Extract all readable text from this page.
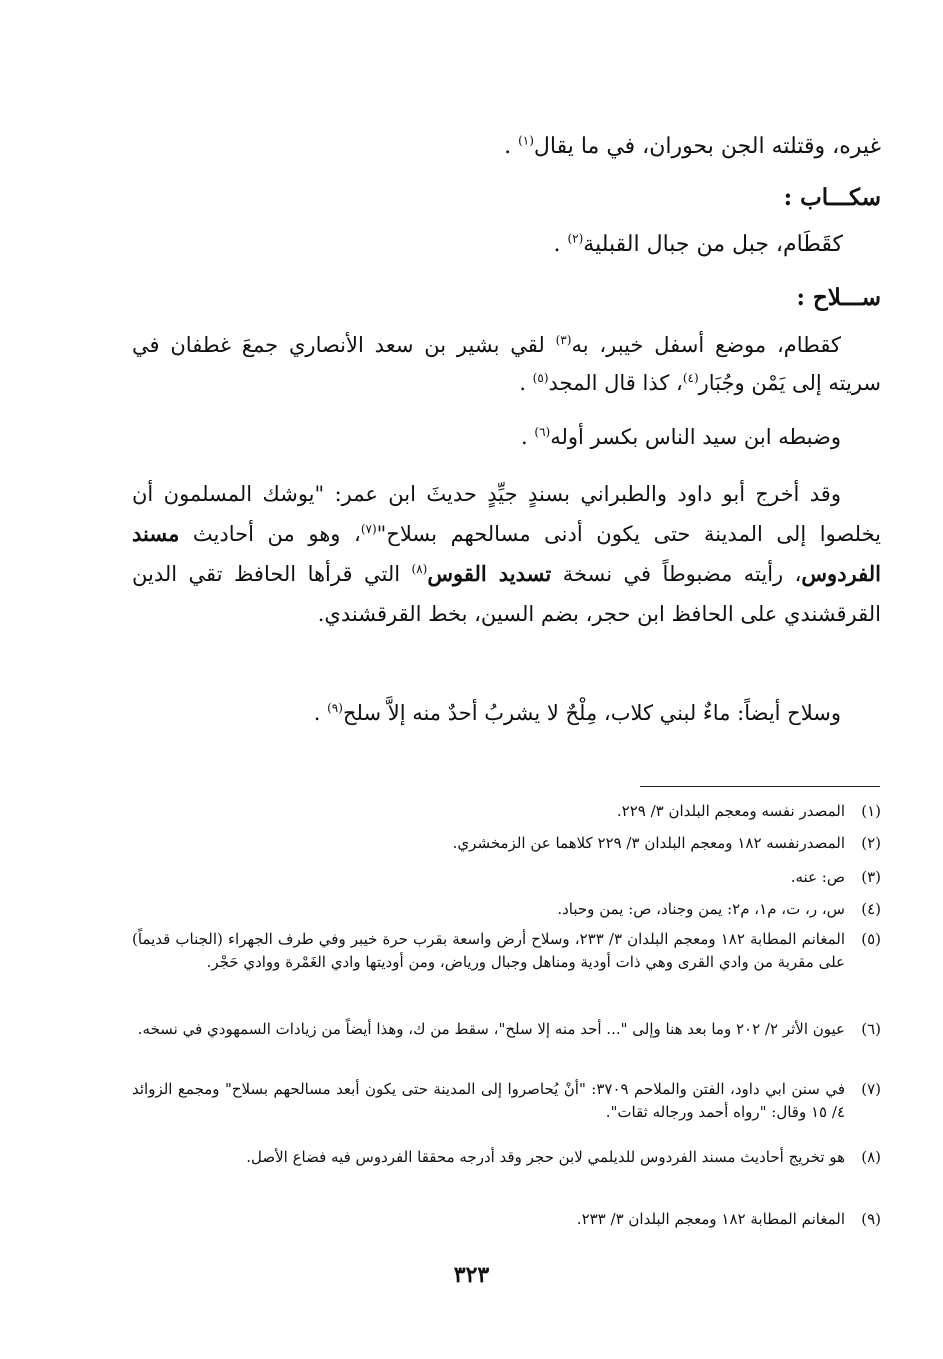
غيره، وقتلته الجن بحوران، في ما يقال$^{(١)}$ .
سكـــاب :
كقَطَام، جبل من جبال القبلية$^{(٢)}$ .
ســـلاح :
كقطام، موضع أسفل خيبر، به$^{(٣)}$ لقي بشير بن سعد الأنصاري جمعَ غطفان في سريته إلى يَمْن وجُبَار$^{(٤)}$، كذا قال المجد$^{(٥)}$ .
وضبطه ابن سيد الناس بكسر أوله$^{(٦)}$ .
وقد أخرج أبو داود والطبراني بسندٍ جيِّدٍ حديثَ ابن عمر: "يوشك المسلمون أن يخلصوا إلى المدينة حتى يكون أدنى مسالحهم بسلاح"$^{(٧)}$، وهو من أحاديث مسند الفردوس، رأيته مضبوطاً في نسخة تسديد القوس$^{(٨)}$ التي قرأها الحافظ تقي الدين القرقشندي على الحافظ ابن حجر، بضم السين، بخط القرقشندي.
وسلاح أيضاً: ماءٌ لبني كلاب، مِلْحٌ لا يشربُ أحدٌ منه إلاَّ سلح$^{(٩)}$ .
(١)
المصدر نفسه ومعجم البلدان ٣/ ٢٢٩.
(٢)
المصدرنفسه ١٨٢ ومعجم البلدان ٣/ ٢٢٩ كلاهما عن الزمخشري.
(٣)
ص: عنه.
(٤)
س، ر، ت، م١، م٢: يمن وجناد، ص: يمن وحباد.
(٥)
المغانم المطابة ١٨٢ ومعجم البلدان ٣/ ٢٣٣، وسلاح أرض واسعة بقرب حرة خيبر وفي طرف الجهراء (الجناب قديماً) على مقربة من وادي القرى وهي ذات أودية ومناهل وجبال ورياض، ومن أوديتها وادي الغَمْرة ووادي حَجْر.
(٦)
عيون الأثر ٢/ ٢٠٢ وما بعد هنا وإلى "... أحد منه إلا سلح"، سقط من ك، وهذا أيضاً من زيادات السمهودي في نسخه.
(٧)
في سنن ابي داود، الفتن والملاحم ٣٧٠٩: "أنْ يُحاصروا إلى المدينة حتى يكون أبعد مسالحهم بسلاح" ومجمع الزوائد ٤/ ١٥ وقال: "رواه أحمد ورجاله ثقات".
(٨)
هو تخريج أحاديث مسند الفردوس للديلمي لابن حجر وقد أدرجه محققا الفردوس فيه فضاع الأصل.
(٩)
المغانم المطابة ١٨٢ ومعجم البلدان ٣/ ٢٣٣.
٣٢٣
